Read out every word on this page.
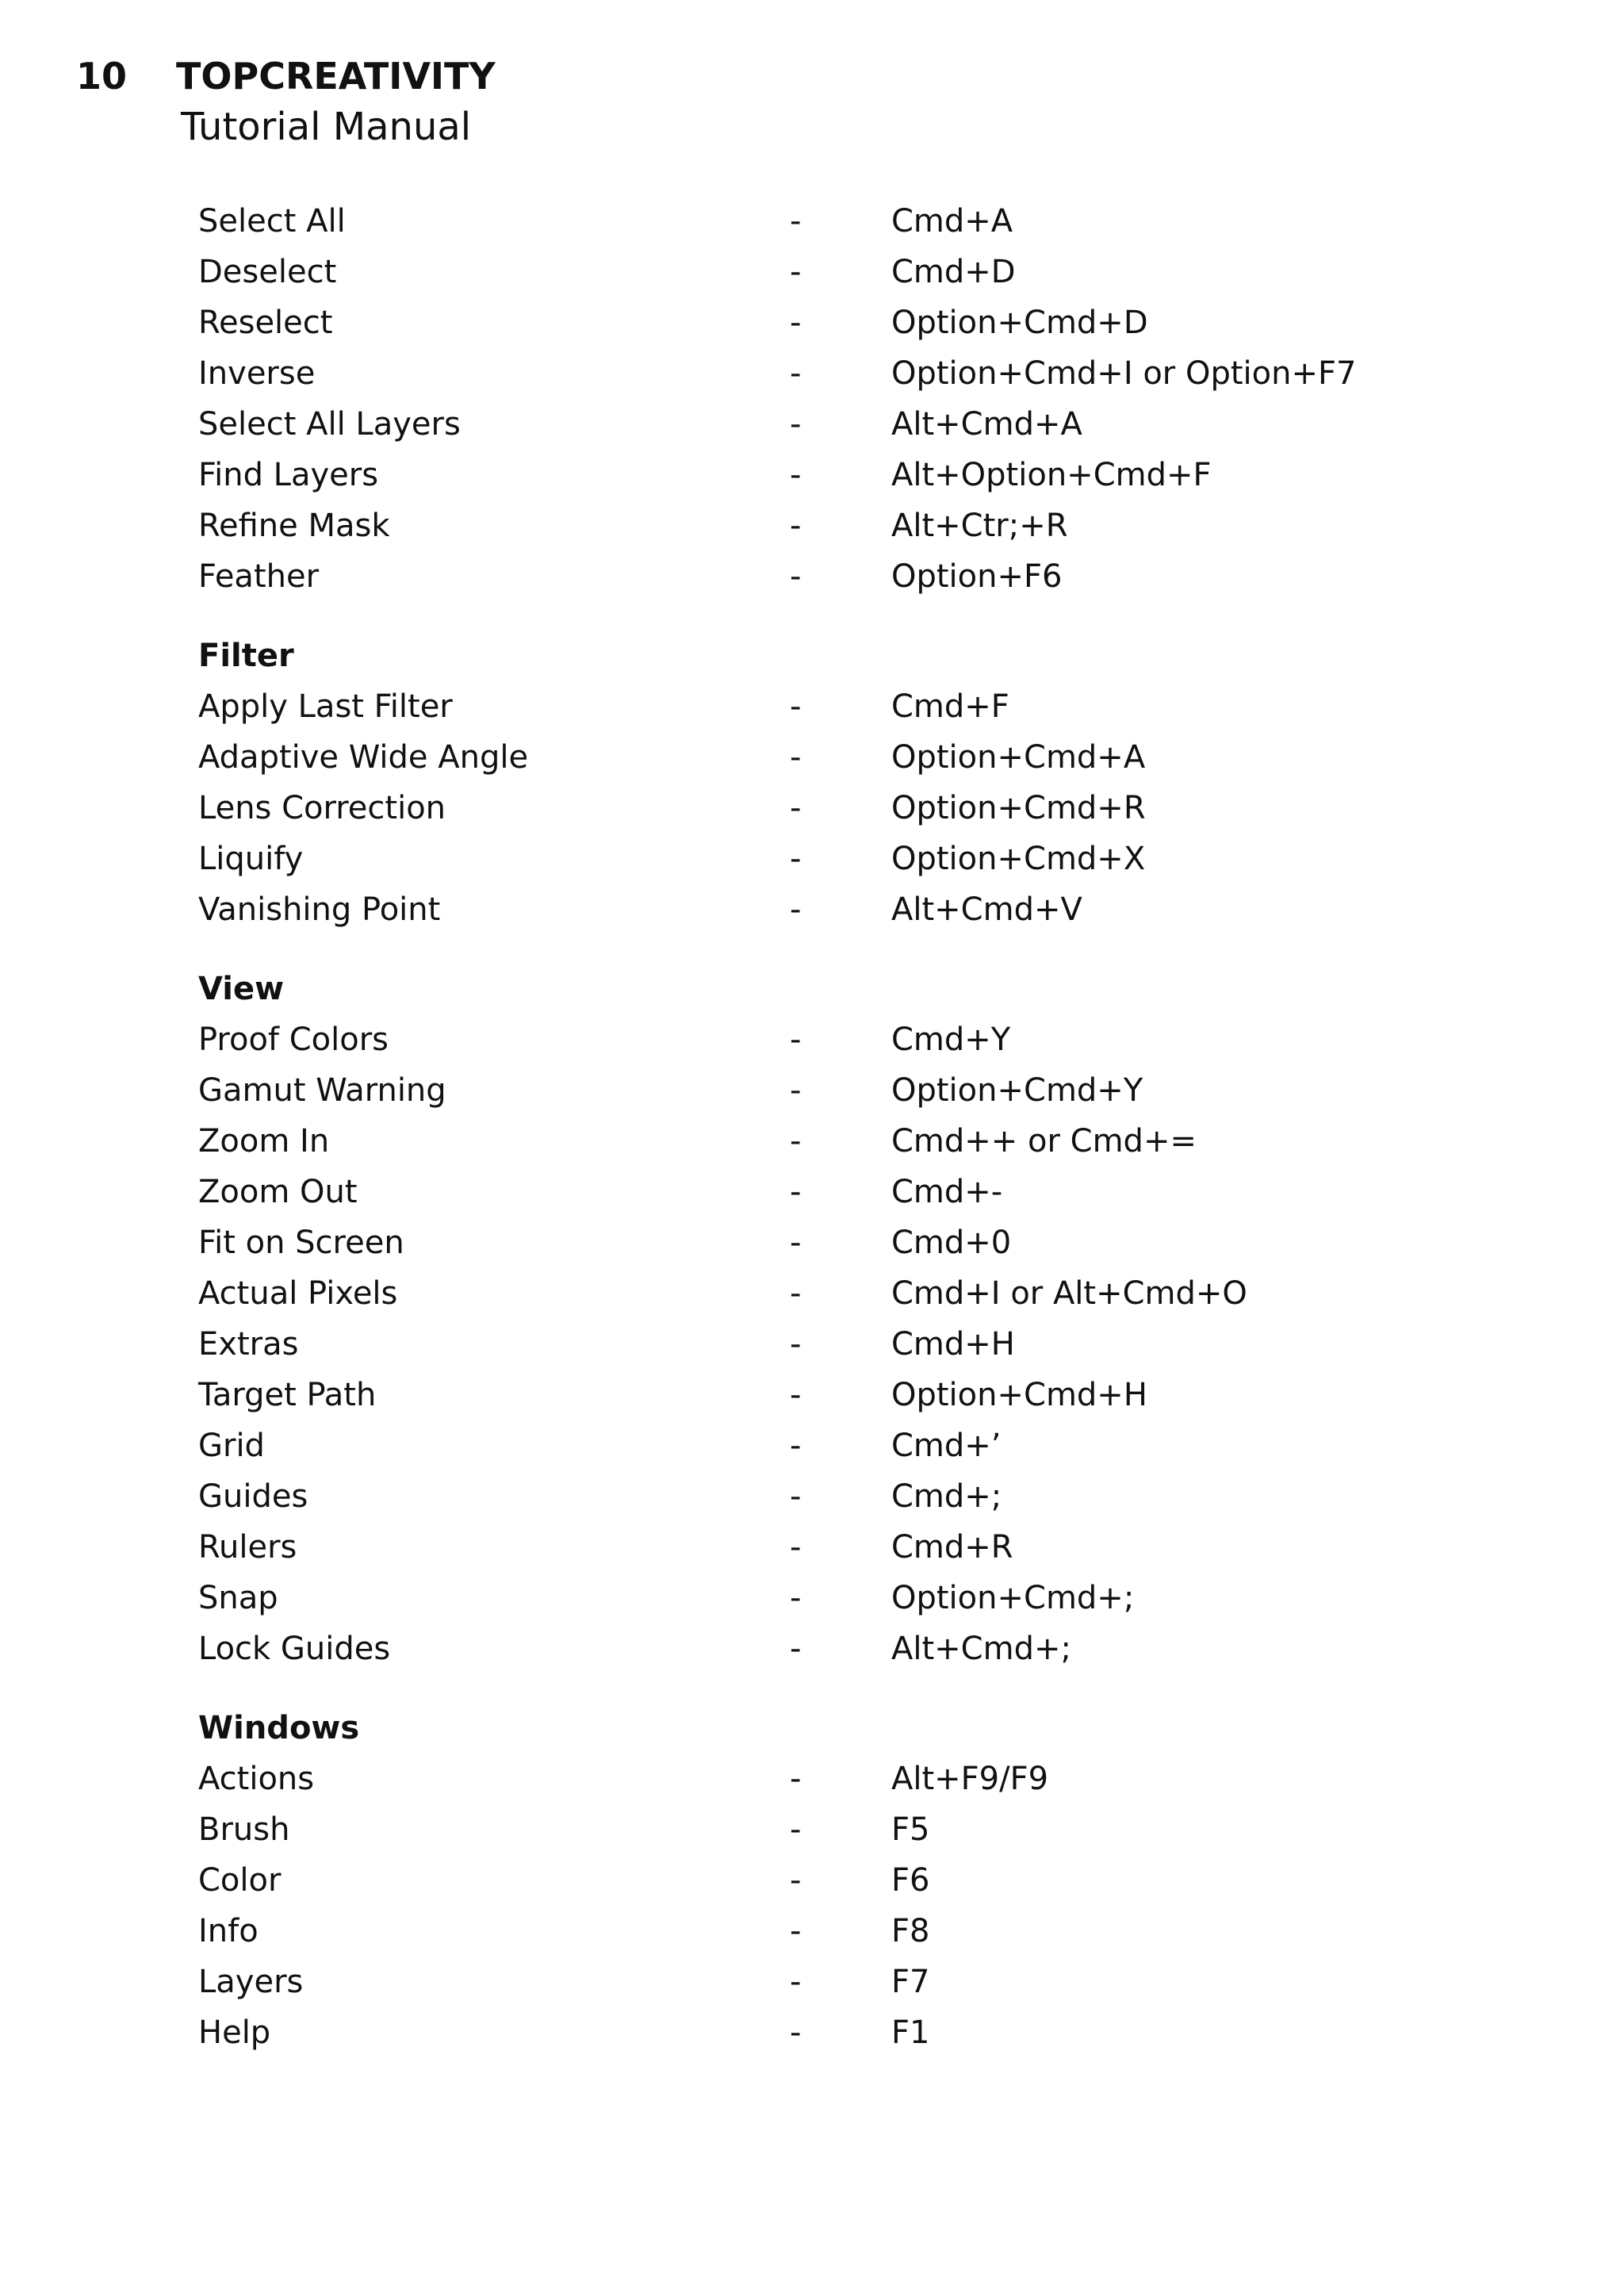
10 TOPCREATIVITY
Tutorial Manual
Select All	-	Cmd+A
Deselect	-	Cmd+D
Reselect	-	Option+Cmd+D
Inverse	-	Option+Cmd+I or Option+F7
Select All Layers	-	Alt+Cmd+A
Find Layers	-	Alt+Option+Cmd+F
Refine Mask	-	Alt+Ctr;+R
Feather	-	Option+F6
Filter
Apply Last Filter	-	Cmd+F
Adaptive Wide Angle	-	Option+Cmd+A
Lens Correction	-	Option+Cmd+R
Liquify	-	Option+Cmd+X
Vanishing Point	-	Alt+Cmd+V
View
Proof Colors	-	Cmd+Y
Gamut Warning	-	Option+Cmd+Y
Zoom In	-	Cmd++ or Cmd+=
Zoom Out	-	Cmd+-
Fit on Screen	-	Cmd+0
Actual Pixels	-	Cmd+I or Alt+Cmd+O
Extras	-	Cmd+H
Target Path	-	Option+Cmd+H
Grid	-	Cmd+’
Guides	-	Cmd+;
Rulers	-	Cmd+R
Snap	-	Option+Cmd+;
Lock Guides	-	Alt+Cmd+;
Windows
Actions	-	Alt+F9/F9
Brush	-	F5
Color	-	F6
Info	-	F8
Layers	-	F7
Help	-	F1
